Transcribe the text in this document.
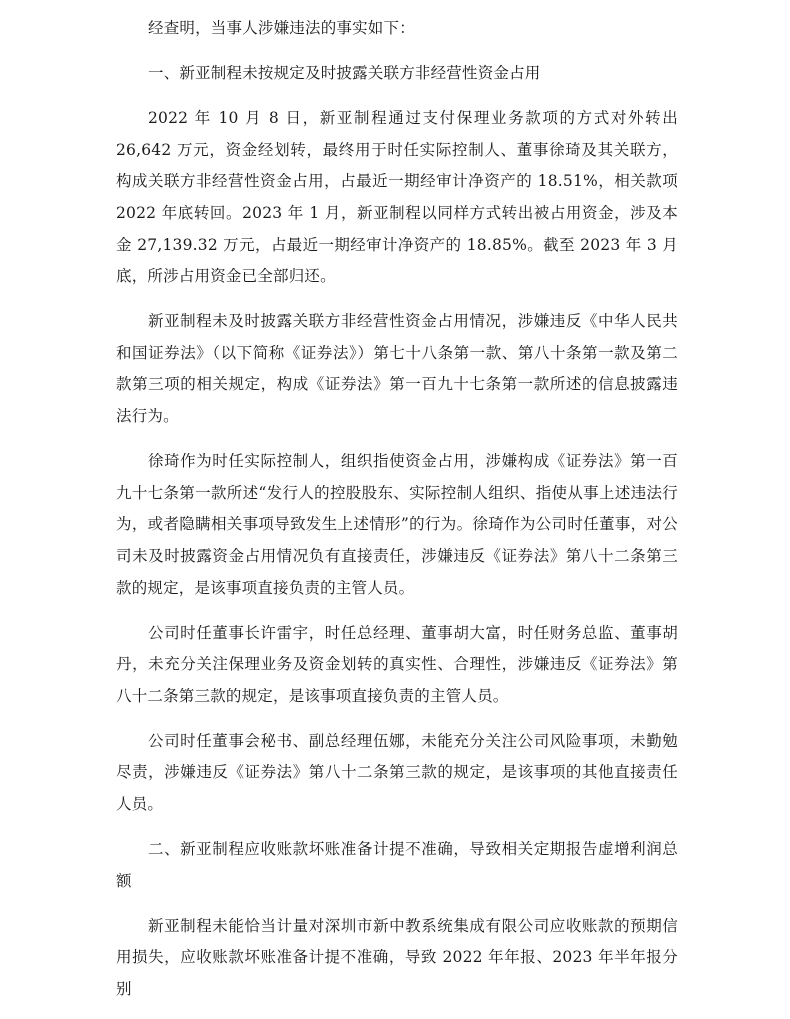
经查明，当事人涉嫌违法的事实如下：

一、新亚制程未按规定及时披露关联方非经营性资金占用

2022 年 10 月 8 日，新亚制程通过支付保理业务款项的方式对外转出 26,642 万元，资金经划转，最终用于时任实际控制人、董事徐琦及其关联方，构成关联方非经营性资金占用，占最近一期经审计净资产的 18.51%，相关款项 2022 年底转回。2023 年 1 月，新亚制程以同样方式转出被占用资金，涉及本金 27,139.32 万元，占最近一期经审计净资产的 18.85%。截至 2023 年 3 月底，所涉占用资金已全部归还。

新亚制程未及时披露关联方非经营性资金占用情况，涉嫌违反《中华人民共和国证券法》（以下简称《证券法》）第七十八条第一款、第八十条第一款及第二款第三项的相关规定，构成《证券法》第一百九十七条第一款所述的信息披露违法行为。

徐琦作为时任实际控制人，组织指使资金占用，涉嫌构成《证券法》第一百九十七条第一款所述“发行人的控股股东、实际控制人组织、指使从事上述违法行为，或者隐瞒相关事项导致发生上述情形”的行为。徐琦作为公司时任董事，对公司未及时披露资金占用情况负有直接责任，涉嫌违反《证券法》第八十二条第三款的规定，是该事项直接负责的主管人员。

公司时任董事长许雷宇，时任总经理、董事胡大富，时任财务总监、董事胡丹，未充分关注保理业务及资金划转的真实性、合理性，涉嫌违反《证券法》第八十二条第三款的规定，是该事项直接负责的主管人员。

公司时任董事会秘书、副总经理伍娜，未能充分关注公司风险事项，未勤勉尽责，涉嫌违反《证券法》第八十二条第三款的规定，是该事项的其他直接责任人员。

二、新亚制程应收账款坏账准备计提不准确，导致相关定期报告虚增利润总额

新亚制程未能恰当计量对深圳市新中教系统集成有限公司应收账款的预期信用损失，应收账款坏账准备计提不准确，导致 2022 年年报、2023 年半年报分别
